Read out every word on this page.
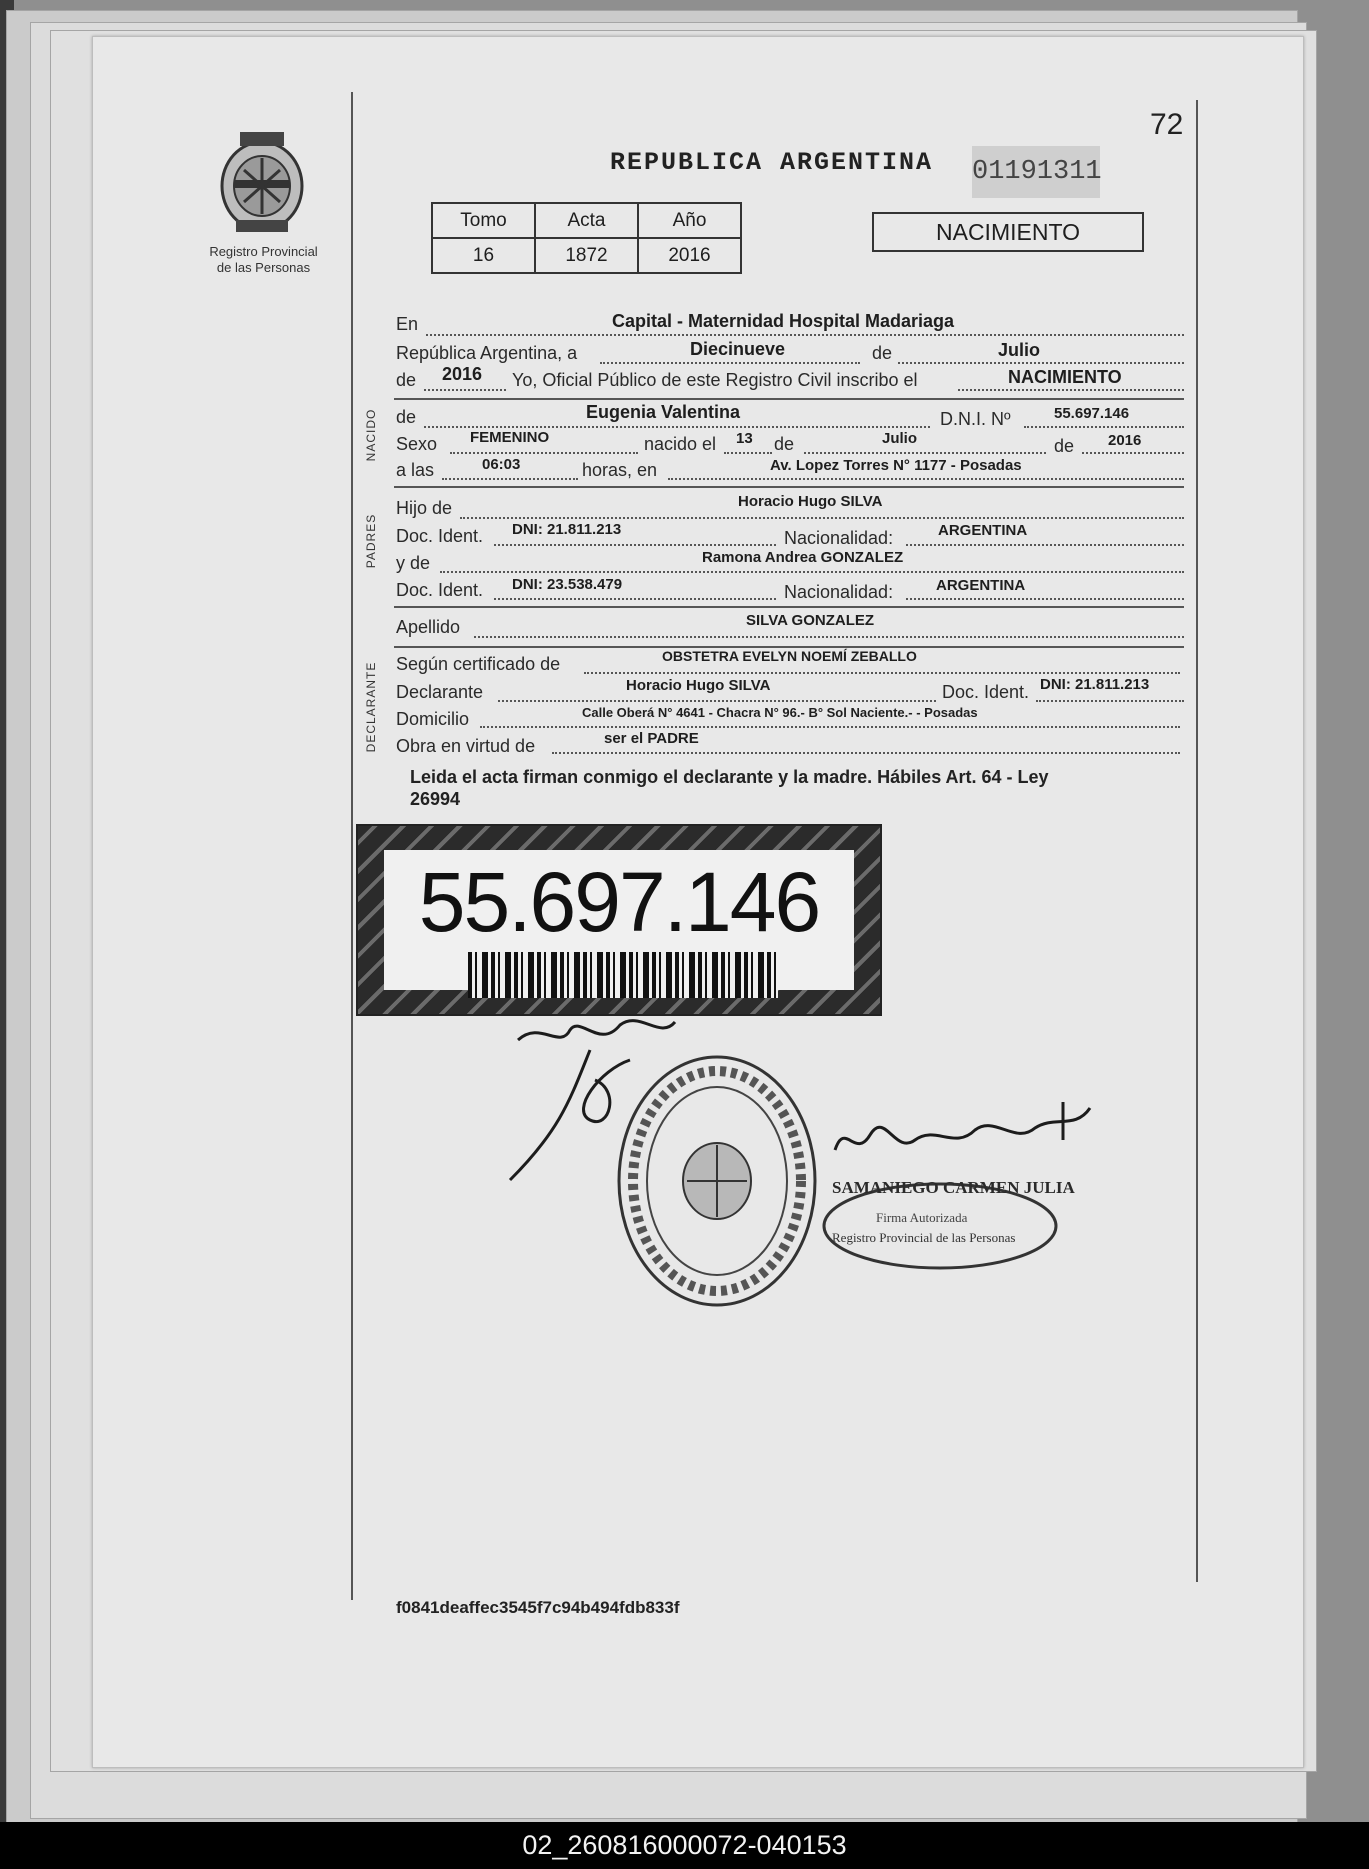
72
Registro Provincial
de las Personas
REPUBLICA ARGENTINA 01191311
Tomo	Acta	Año
16	1872	2016
NACIMIENTO
En	Capital - Maternidad Hospital Madariaga
República Argentina, a	Diecinueve	de	Julio
de 2016 Yo, Oficial Público de este Registro Civil inscribo el	NACIMIENTO
NACIDO de	Eugenia Valentina	D.N.I. Nº	55.697.146
Sexo FEMENINO	nacido el 13 de	Julio	de 2016
a las	06:03	horas, en	Av. Lopez Torres N° 1177 - Posadas
PADRES
Hijo de	Horacio Hugo SILVA
Doc. Ident. DNI: 21.811.213	Nacionalidad:	ARGENTINA
y de	Ramona Andrea GONZALEZ
Doc. Ident. DNI: 23.538.479	Nacionalidad:	ARGENTINA
Apellido	SILVA GONZALEZ
DECLARANTE Según certificado de	OBSTETRA EVELYN NOEMÍ ZEBALLO
Declarante	Horacio Hugo SILVA	Doc. Ident. DNI: 21.811.213
Domicilio	Calle Oberá N° 4641 - Chacra N° 96.- B° Sol Naciente.- - Posadas
Obra en virtud de	ser el PADRE
Leida el acta firman conmigo el declarante y la madre. Hábiles Art. 64 - Ley
26994
55.697.146
SAMANIEGO CARMEN JULIA
Firma Autorizada
Registro Provincial de las Personas
f0841deaffec3545f7c94b494fdb833f
02_260816000072-040153
